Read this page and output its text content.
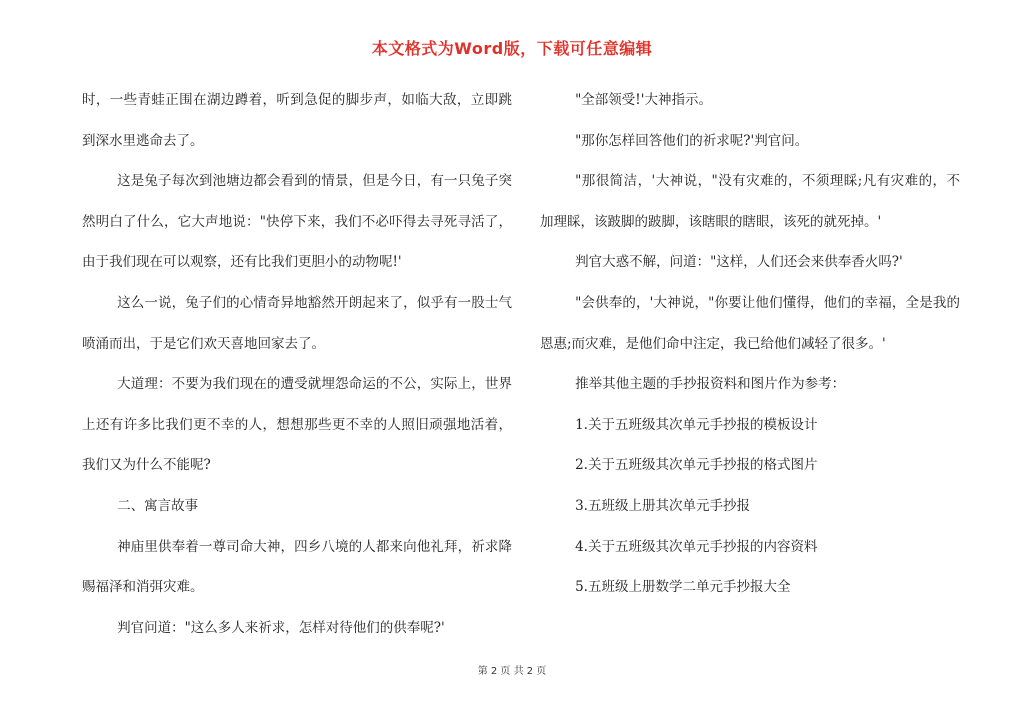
本文格式为Word版，下载可任意编辑

时，一些青蛙正围在湖边蹲着，听到急促的脚步声，如临大敌，立即跳到深水里逃命去了。

这是兔子每次到池塘边都会看到的情景，但是今日，有一只兔子突然明白了什么，它大声地说："快停下来，我们不必吓得去寻死寻活了，由于我们现在可以观察，还有比我们更胆小的动物呢!'

这么一说，兔子们的心情奇异地豁然开朗起来了，似乎有一股士气喷涌而出，于是它们欢天喜地回家去了。

大道理：不要为我们现在的遭受就埋怨命运的不公，实际上，世界上还有许多比我们更不幸的人，想想那些更不幸的人照旧顽强地活着，我们又为什么不能呢?

二、寓言故事

神庙里供奉着一尊司命大神，四乡八境的人都来向他礼拜，祈求降赐福泽和消弭灾难。

判官问道："这么多人来祈求，怎样对待他们的供奉呢?'

"全部领受!'大神指示。

"那你怎样回答他们的祈求呢?'判官问。

"那很简洁，'大神说，"没有灾难的，不须理睬;凡有灾难的，不加理睬，该跛脚的跛脚，该瞎眼的瞎眼，该死的就死掉。'

判官大惑不解，问道："这样，人们还会来供奉香火吗?'

"会供奉的，'大神说，"你要让他们懂得，他们的幸福，全是我的恩惠;而灾难，是他们命中注定，我已给他们减轻了很多。'

推举其他主题的手抄报资料和图片作为参考：

1.关于五班级其次单元手抄报的模板设计

2.关于五班级其次单元手抄报的格式图片

3.五班级上册其次单元手抄报

4.关于五班级其次单元手抄报的内容资料

5.五班级上册数学二单元手抄报大全

第 2 页 共 2 页
